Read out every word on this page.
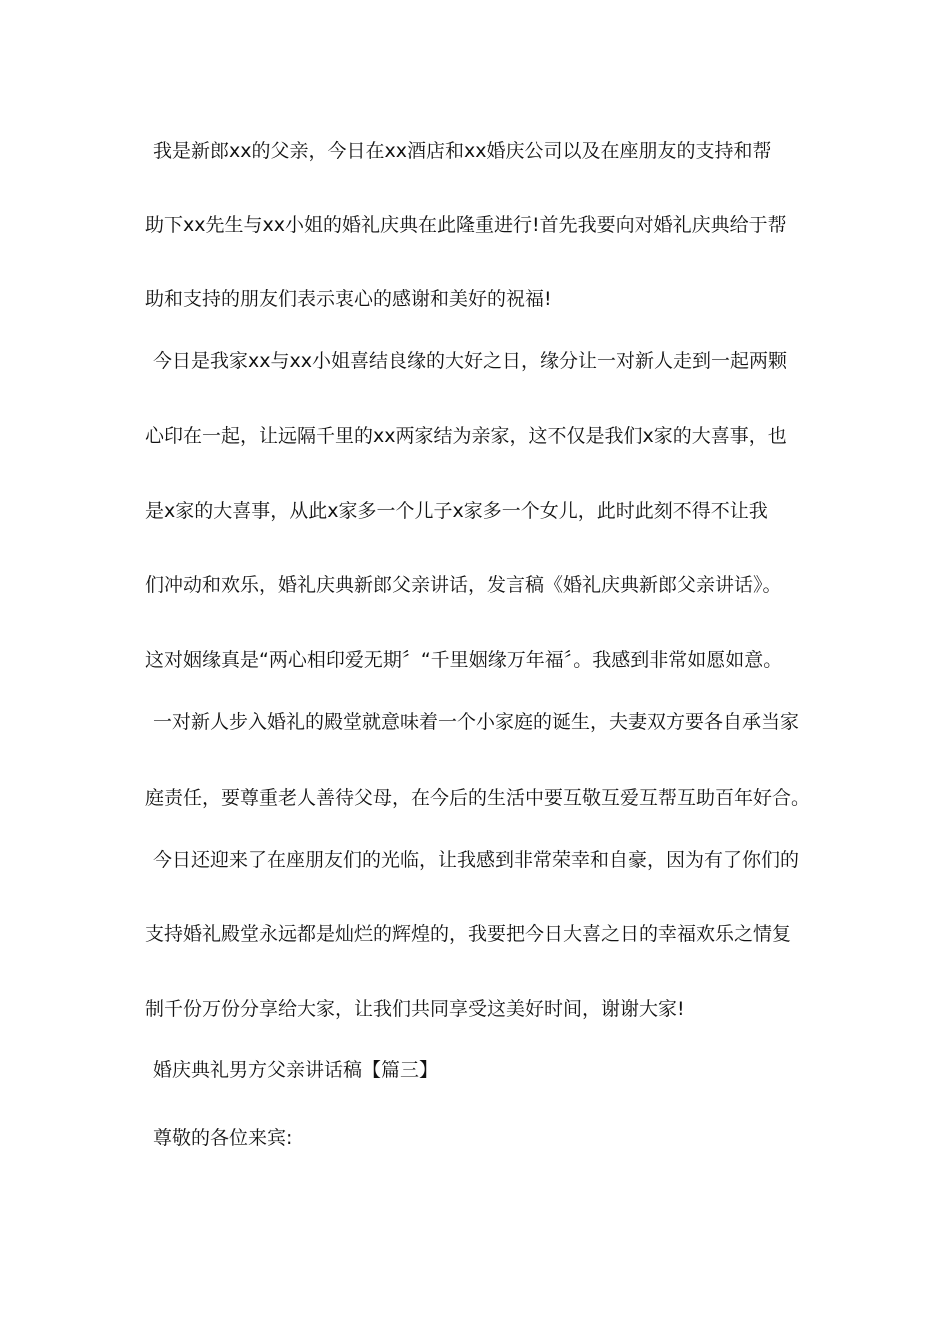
我是新郎xx的父亲，今日在xx酒店和xx婚庆公司以及在座朋友的支持和帮
助下xx先生与xx小姐的婚礼庆典在此隆重进行!首先我要向对婚礼庆典给于帮
助和支持的朋友们表示衷心的感谢和美好的祝福!
今日是我家xx与xx小姐喜结良缘的大好之日，缘分让一对新人走到一起两颗
心印在一起，让远隔千里的xx两家结为亲家，这不仅是我们x家的大喜事，也
是x家的大喜事，从此x家多一个儿子x家多一个女儿，此时此刻不得不让我
们冲动和欢乐，婚礼庆典新郎父亲讲话，发言稿《婚礼庆典新郎父亲讲话》。
这对姻缘真是“两心相印爱无期〞“千里姻缘万年福〞。我感到非常如愿如意。
一对新人步入婚礼的殿堂就意味着一个小家庭的诞生，夫妻双方要各自承当家
庭责任，要尊重老人善待父母，在今后的生活中要互敬互爱互帮互助百年好合。
今日还迎来了在座朋友们的光临，让我感到非常荣幸和自豪，因为有了你们的
支持婚礼殿堂永远都是灿烂的辉煌的，我要把今日大喜之日的幸福欢乐之情复
制千份万份分享给大家，让我们共同享受这美好时间，谢谢大家!
婚庆典礼男方父亲讲话稿【篇三】
尊敬的各位来宾:
